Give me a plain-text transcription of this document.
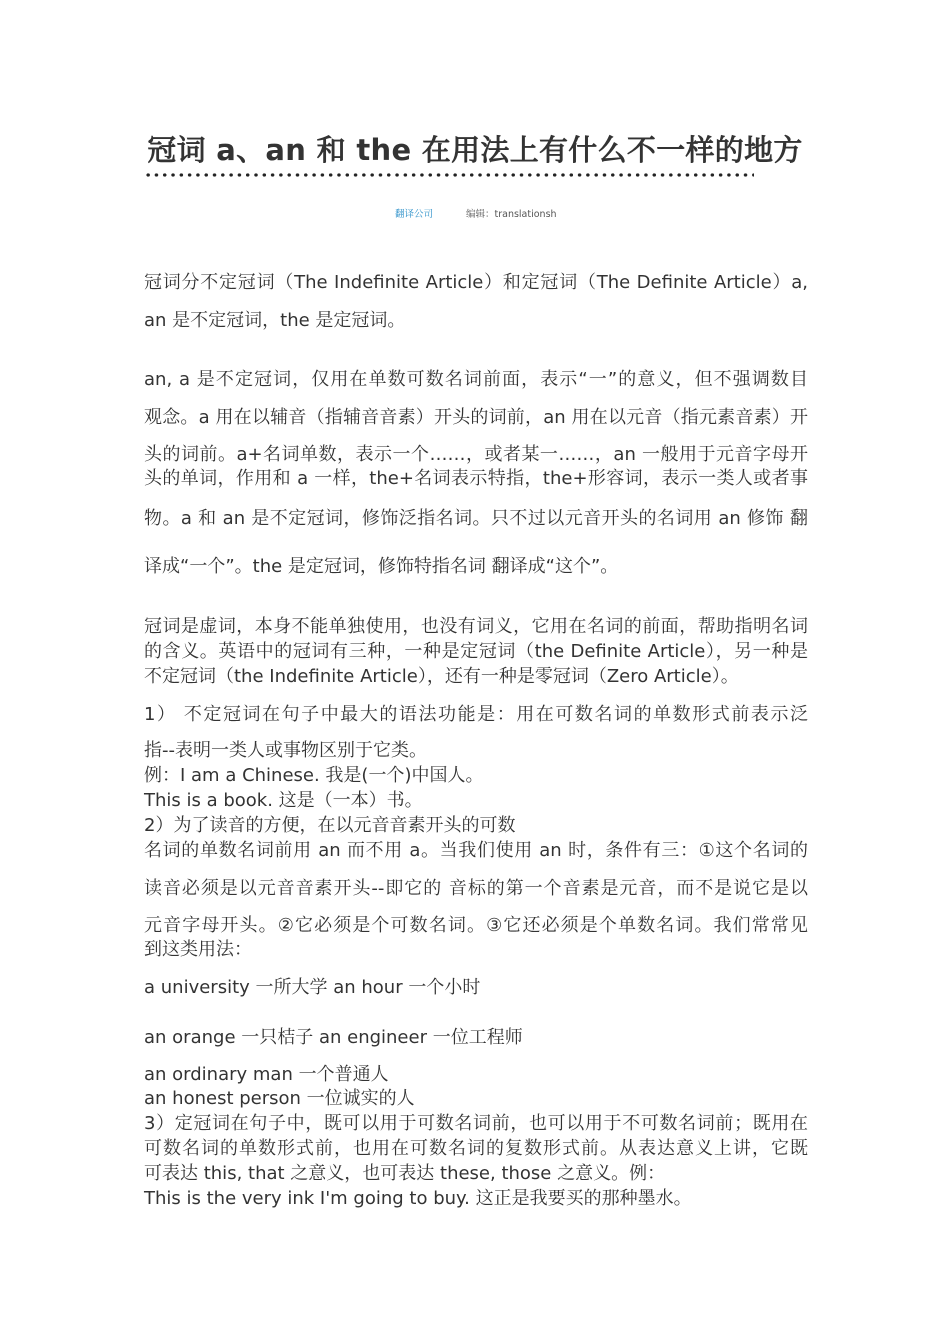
冠词 a、an 和 the 在用法上有什么不一样的地方
翻译公司	编辑：translationsh
冠词分不定冠词（The Indefinite Article）和定冠词（The Definite Article）a,
an 是不定冠词，the 是定冠词。
an, a 是不定冠词，仅用在单数可数名词前面，表示“一”的意义，但不强调数目
观念。a 用在以辅音（指辅音音素）开头的词前，an 用在以元音（指元素音素）开
头的词前。a+名词单数，表示一个……，或者某一……，an 一般用于元音字母开
头的单词，作用和 a 一样，the+名词表示特指，the+形容词，表示一类人或者事
物。a 和 an 是不定冠词，修饰泛指名词。只不过以元音开头的名词用 an 修饰 翻
译成“一个”。the 是定冠词，修饰特指名词 翻译成“这个”。
冠词是虚词，本身不能单独使用，也没有词义，它用在名词的前面，帮助指明名词
的含义。英语中的冠词有三种，一种是定冠词（the Definite Article），另一种是
不定冠词（the Indefinite Article），还有一种是零冠词（Zero Article）。
1） 不定冠词在句子中最大的语法功能是：用在可数名词的单数形式前表示泛
指--表明一类人或事物区别于它类。
例：I am a Chinese. 我是(一个)中国人。
This is a book. 这是（一本）书。
2）为了读音的方便，在以元音音素开头的可数
名词的单数名词前用 an 而不用 a。当我们使用 an 时，条件有三：①这个名词的
读音必须是以元音音素开头--即它的 音标的第一个音素是元音，而不是说它是以
元音字母开头。②它必须是个可数名词。③它还必须是个单数名词。我们常常见
到这类用法：
a university 一所大学 an hour 一个小时
an orange 一只桔子 an engineer 一位工程师
an ordinary man 一个普通人
an honest person 一位诚实的人
3）定冠词在句子中，既可以用于可数名词前，也可以用于不可数名词前；既用在
可数名词的单数形式前，也用在可数名词的复数形式前。从表达意义上讲，它既
可表达 this, that 之意义，也可表达 these, those 之意义。例：
This is the very ink I'm going to buy. 这正是我要买的那种墨水。
